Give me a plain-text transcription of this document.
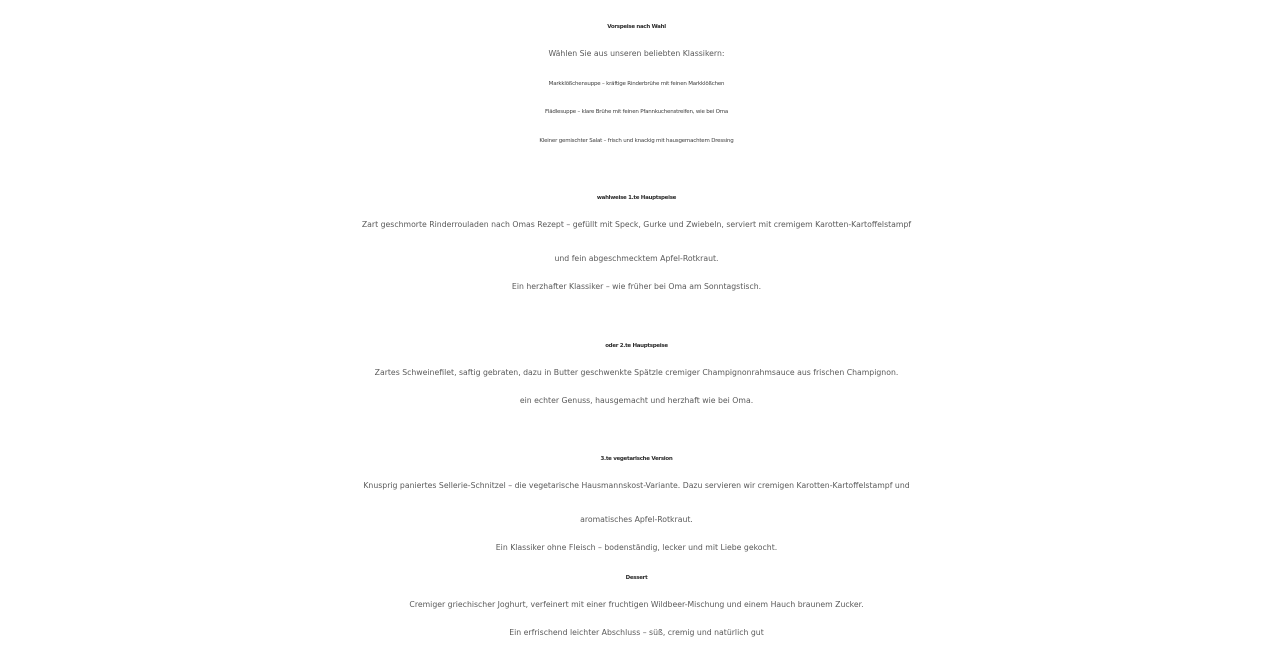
Vorspeise nach Wahl
Wählen Sie aus unseren beliebten Klassikern:
Markklößchensuppe – kräftige Rinderbrühe mit feinen Markklößchen
Flädlesuppe – klare Brühe mit feinen Pfannkuchenstreifen, wie bei Oma
Kleiner gemischter Salat – frisch und knackig mit hausgemachtem Dressing
wahlweise 1.te Hauptspeise
Zart geschmorte Rinderrouladen nach Omas Rezept – gefüllt mit Speck, Gurke und Zwiebeln, serviert mit cremigem Karotten-Kartoffelstampf
und fein abgeschmecktem Apfel-Rotkraut.
Ein herzhafter Klassiker – wie früher bei Oma am Sonntagstisch.
oder 2.te Hauptspeise
Zartes Schweinefilet, saftig gebraten, dazu in Butter geschwenkte Spätzle cremiger Champignonrahmsauce aus frischen Champignon.
ein echter Genuss, hausgemacht und herzhaft wie bei Oma.
3.te vegetarische Version
Knusprig paniertes Sellerie-Schnitzel – die vegetarische Hausmannskost-Variante. Dazu servieren wir cremigen Karotten-Kartoffelstampf und
aromatisches Apfel-Rotkraut.
Ein Klassiker ohne Fleisch – bodenständig, lecker und mit Liebe gekocht.
Dessert
Cremiger griechischer Joghurt, verfeinert mit einer fruchtigen Wildbeer-Mischung und einem Hauch braunem Zucker.
Ein erfrischend leichter Abschluss – süß, cremig und natürlich gut
